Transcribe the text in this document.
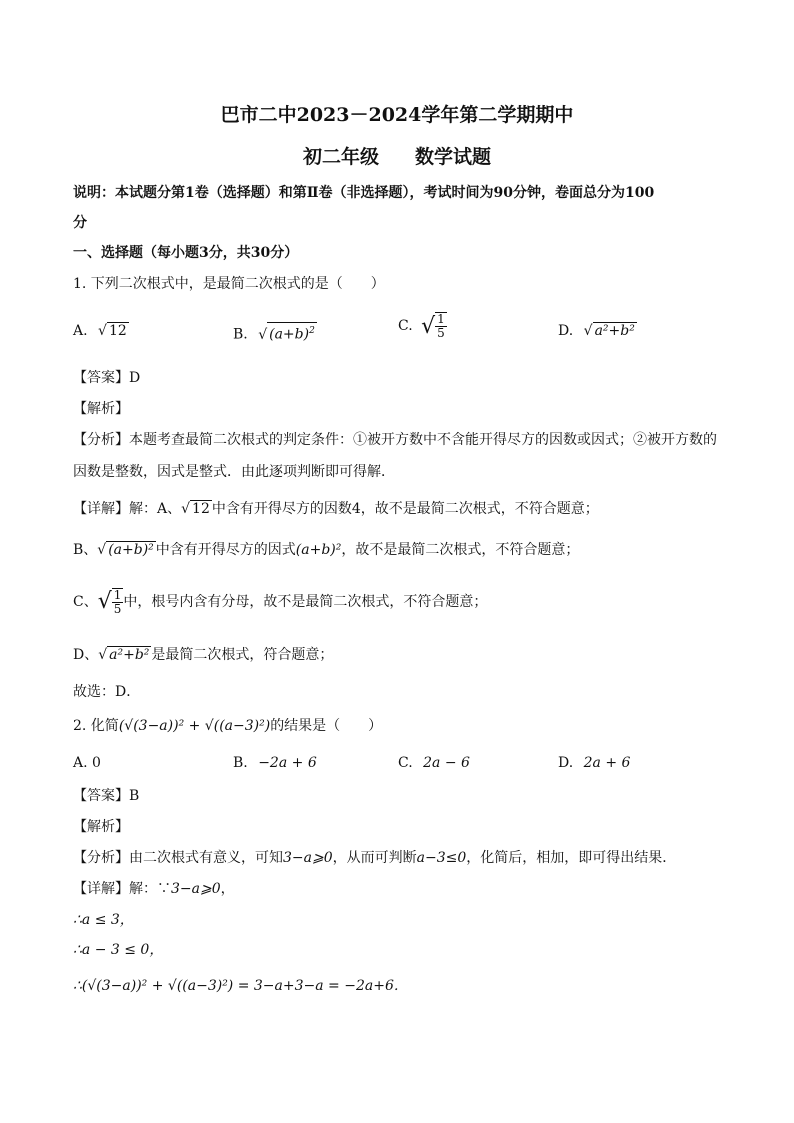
巴市二中2023－2024学年第二学期期中
初二年级 数学试题
说明：本试题分第1卷（选择题）和第Ⅱ卷（非选择题），考试时间为90分钟，卷面总分为100
分
一、选择题（每小题3分，共30分）
1. 下列二次根式中，是最简二次根式的是（　　）
A. √ 12	B. √ $(a+b)^2$	C. √ $\frac{1}{5}$	D. √ a²+b²
【答案】D
【解析】
【分析】本题考查最简二次根式的判定条件：①被开方数中不含能开得尽方的因数或因式；②被开方数的
因数是整数，因式是整式．由此逐项判断即可得解．
【详解】解：A、√ 12 中含有开得尽方的因数4，故不是最简二次根式，不符合题意；
B、√ (a+b)² 中含有开得尽方的因式(a+b)²，故不是最简二次根式，不符合题意；
C、√ $\frac{1}{5}$ 中，根号内含有分母，故不是最简二次根式，不符合题意；
D、√ a²+b² 是最简二次根式，符合题意；
故选：D．
2. 化简(√(3−a))² + √((a−3)²)的结果是（　　）
A. 0	B. −2a + 6	C. 2a − 6	D. 2a + 6
【答案】B
【解析】
【分析】由二次根式有意义，可知3−a⩾0，从而可判断a−3≤0，化简后，相加，即可得出结果．
【详解】解：∵3−a⩾0，
∴a ≤ 3，
∴a − 3 ≤ 0，
∴(√(3−a))² + √((a−3)²) = 3−a+3−a = −2a+6．
